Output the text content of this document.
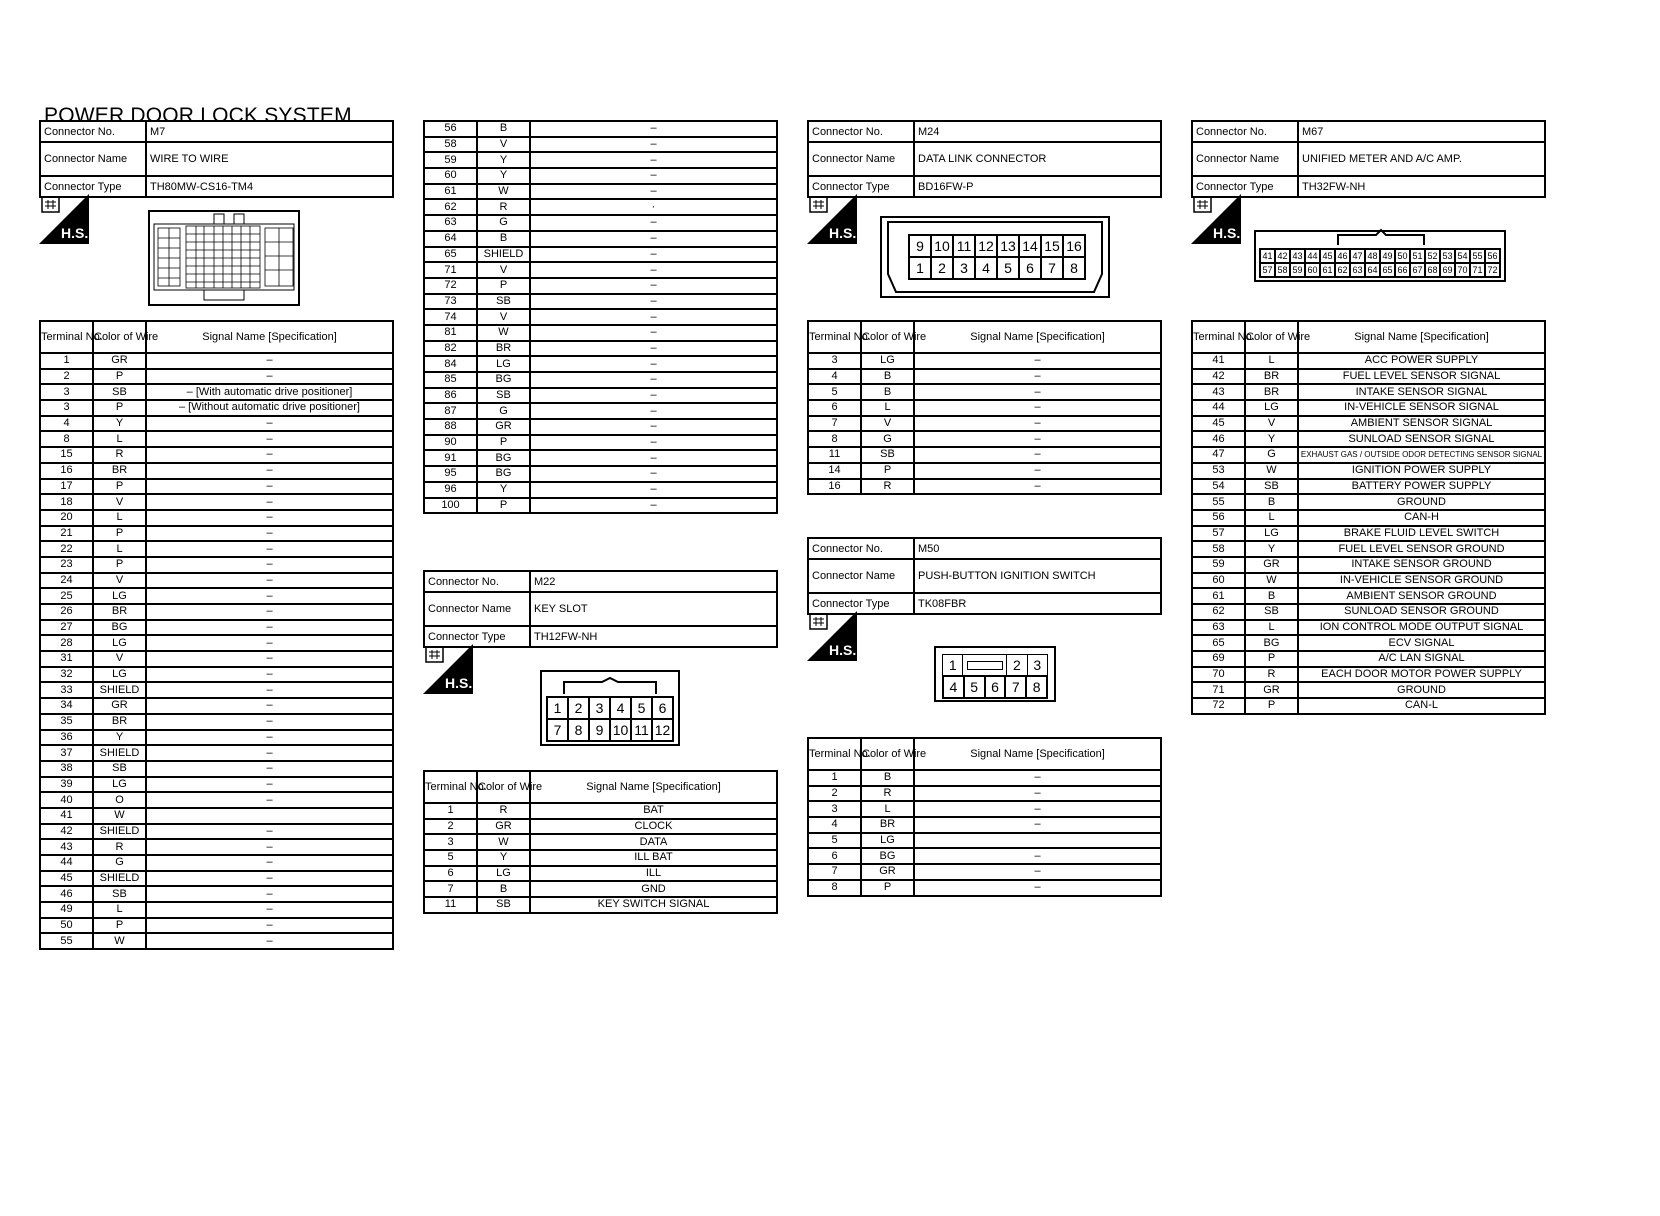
POWER DOOR LOCK SYSTEM
Connector No.	M7
Connector Name	WIRE TO WIRE
Connector Type	TH80MW-CS16-TM4
H.S.
Terminal No.	Color of Wire	Signal Name [Specification]
1	GR	–
2	P	–
3	SB	– [With automatic drive positioner]
3	P	– [Without automatic drive positioner]
4	Y	–
8	L	–
15	R	–
16	BR	–
17	P	–
18	V	–
20	L	–
21	P	–
22	L	–
23	P	–
24	V	–
25	LG	–
26	BR	–
27	BG	–
28	LG	–
31	V	–
32	LG	–
33	SHIELD	–
34	GR	–
35	BR	–
36	Y	–
37	SHIELD	–
38	SB	–
39	LG	–
40	O	–
41	W	
42	SHIELD	–
43	R	–
44	G	–
45	SHIELD	–
46	SB	–
49	L	–
50	P	–
55	W	–
56	B	–
58	V	–
59	Y	–
60	Y	–
61	W	–
62	R	·
63	G	–
64	B	–
65	SHIELD	–
71	V	–
72	P	–
73	SB	–
74	V	–
81	W	–
82	BR	–
84	LG	–
85	BG	–
86	SB	–
87	G	–
88	GR	–
90	P	–
91	BG	–
95	BG	–
96	Y	–
100	P	–
Connector No.	M22
Connector Name	KEY SLOT
Connector Type	TH12FW-NH
H.S.
1 2 3 4 5 6
7 8 9 10 11 12
Terminal No.	Color of Wire	Signal Name [Specification]
1	R	BAT
2	GR	CLOCK
3	W	DATA
5	Y	ILL BAT
6	LG	ILL
7	B	GND
11	SB	KEY SWITCH SIGNAL
Connector No.	M24
Connector Name	DATA LINK CONNECTOR
Connector Type	BD16FW-P
H.S.
9 10 11 12 13 14 15 16
1	2	3	4	5	6	7	8
Terminal No.	Color of Wire	Signal Name [Specification]
3	LG	–
4	B	–
5	B	–
6	L	–
7	V	–
8	G	–
11	SB	–
14	P	–
16	R	–
Connector No.	M50
Connector Name	PUSH-BUTTON IGNITION SWITCH
Connector Type	TK08FBR
H.S.
1	2 3
4 5 6 7 8
Terminal No.	Color of Wire	Signal Name [Specification]
1	B	–
2	R	–
3	L	–
4	BR	–
5	LG	
6	BG	–
7	GR	–
8	P	–
Connector No.	M67
Connector Name	UNIFIED METER AND A/C AMP.
Connector Type	TH32FW-NH
H.S.
41 42 43 44 45 46 47 48 49 50 51 52 53 54 55 56
57 58 59 60 61 62 63 64 65 66 67 68 69 70 71 72
Terminal No.	Color of Wire	Signal Name [Specification]
41	L	ACC POWER SUPPLY
42	BR	FUEL LEVEL SENSOR SIGNAL
43	BR	INTAKE SENSOR SIGNAL
44	LG	IN-VEHICLE SENSOR SIGNAL
45	V	AMBIENT SENSOR SIGNAL
46	Y	SUNLOAD SENSOR SIGNAL
47	G	EXHAUST GAS / OUTSIDE ODOR DETECTING SENSOR SIGNAL
53	W	IGNITION POWER SUPPLY
54	SB	BATTERY POWER SUPPLY
55	B	GROUND
56	L	CAN-H
57	LG	BRAKE FLUID LEVEL SWITCH
58	Y	FUEL LEVEL SENSOR GROUND
59	GR	INTAKE SENSOR GROUND
60	W	IN-VEHICLE SENSOR GROUND
61	B	AMBIENT SENSOR GROUND
62	SB	SUNLOAD SENSOR GROUND
63	L	ION CONTROL MODE OUTPUT SIGNAL
65	BG	ECV SIGNAL
69	P	A/C LAN SIGNAL
70	R	EACH DOOR MOTOR POWER SUPPLY
71	GR	GROUND
72	P	CAN-L
